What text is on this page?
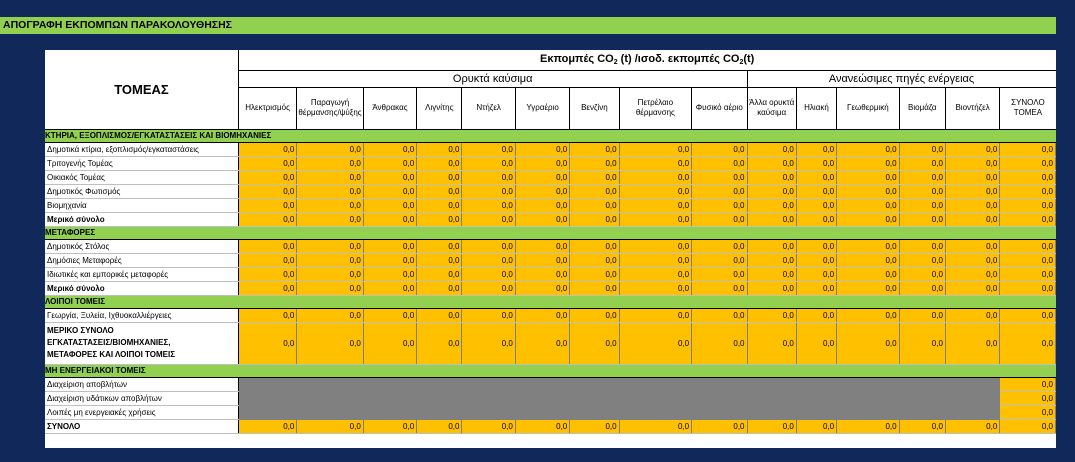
ΑΠΟΓΡΑΦΗ ΕΚΠΟΜΠΩΝ ΠΑΡΑΚΟΛΟΥΘΗΣΗΣ
ΤΟΜΕΑΣ	Εκπομπές $CO_2$ (t) /ισοδ. εκπομπές $CO_2(t)$														
	Ορυκτά καύσιμα									Ανανεώσιμες πηγές ενέργειας					
	Ηλεκτρισμός	Παραγωγή θέρμανσης/ψύξης	Άνθρακας	Λιγνίτης	Ντήζελ	Υγραέριο	Βενζίνη	Πετρέλαιο θέρμανσης	Φυσικό αέριο	Άλλα ορυκτά καύσιμα	Ηλιακή	Γεωθερμική	Βιομάζα	Βιοντήζελ	ΣΥΝΟΛΟ ΤΟΜΕΑ
ΚΤΗΡΙΑ, ΕΞΟΠΛΙΣΜΟΣ/ΕΓΚΑΤΑΣΤΑΣΕΙΣ ΚΑΙ ΒΙΟΜΗΧΑΝΙΕΣ															
Δημοτικά κτίρια, εξοπλισμός/εγκαταστάσεις	0,0	0,0	0,0	0,0	0,0	0,0	0,0	0,0	0,0	0,0	0,0	0,0	0,0	0,0	0,0
Τριτογενής Τομέας	0,0	0,0	0,0	0,0	0,0	0,0	0,0	0,0	0,0	0,0	0,0	0,0	0,0	0,0	0,0
Οικιακός Τομέας	0,0	0,0	0,0	0,0	0,0	0,0	0,0	0,0	0,0	0,0	0,0	0,0	0,0	0,0	0,0
Δημοτικός Φωτισμός	0,0	0,0	0,0	0,0	0,0	0,0	0,0	0,0	0,0	0,0	0,0	0,0	0,0	0,0	0,0
Βιομηχανία	0,0	0,0	0,0	0,0	0,0	0,0	0,0	0,0	0,0	0,0	0,0	0,0	0,0	0,0	0,0
Μερικό σύνολο	0,0	0,0	0,0	0,0	0,0	0,0	0,0	0,0	0,0	0,0	0,0	0,0	0,0	0,0	0,0
ΜΕΤΑΦΟΡΕΣ															
Δημοτικός Στόλος	0,0	0,0	0,0	0,0	0,0	0,0	0,0	0,0	0,0	0,0	0,0	0,0	0,0	0,0	0,0
Δημόσιες Μεταφορές	0,0	0,0	0,0	0,0	0,0	0,0	0,0	0,0	0,0	0,0	0,0	0,0	0,0	0,0	0,0
Ιδιωτικές και εμπορικές μεταφορές	0,0	0,0	0,0	0,0	0,0	0,0	0,0	0,0	0,0	0,0	0,0	0,0	0,0	0,0	0,0
Μερικό σύνολο	0,0	0,0	0,0	0,0	0,0	0,0	0,0	0,0	0,0	0,0	0,0	0,0	0,0	0,0	0,0
ΛΟΙΠΟΙ ΤΟΜΕΙΣ															
Γεωργία, Ξυλεία, Ιχθυοκαλλιέργειες	0,0	0,0	0,0	0,0	0,0	0,0	0,0	0,0	0,0	0,0	0,0	0,0	0,0	0,0	0,0

ΜΕΡΙΚΟ ΣΥΝΟΛΟ
ΕΓΚΑΤΑΣΤΑΣΕΙΣ/ΒΙΟΜΗΧΑΝΙΕΣ,
ΜΕΤΑΦΟΡΕΣ ΚΑΙ ΛΟΙΠΟΙ ΤΟΜΕΙΣ	0,0	0,0	0,0	0,0	0,0	0,0	0,0	0,0	0,0	0,0	0,0	0,0	0,0	0,0	0,0
ΜΗ ΕΝΕΡΓΕΙΑΚΟΙ ΤΟΜΕΙΣ															
Διαχείριση αποβλήτων															0,0
Διαχείριση υδάτικων αποβλήτων															0,0
Λοιπές μη ενεργειακές χρήσεις															0,0
ΣΥΝΟΛΟ	0,0	0,0	0,0	0,0	0,0	0,0	0,0	0,0	0,0	0,0	0,0	0,0	0,0	0,0	0,0
